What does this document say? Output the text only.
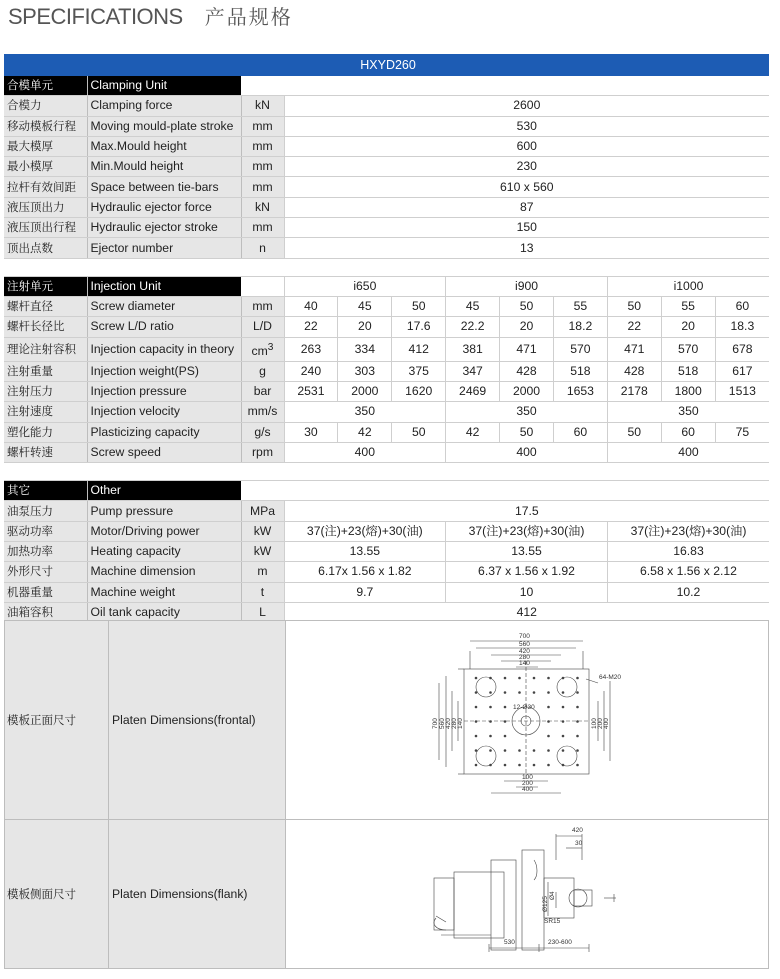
SPECIFICATIONS 产品规格
HXYD260											
合模单元	Clamping Unit										
合模力	Clamping force	kN	2600								
移动模板行程	Moving mould-plate stroke	mm	530								
最大模厚	Max.Mould height	mm	600								
最小模厚	Min.Mould height	mm	230								
拉杆有效间距	Space between tie-bars	mm	610 x 560								
液压顶出力	Hydraulic ejector force	kN	87								
液压顶出行程	Hydraulic ejector stroke	mm	150								
顶出点数	Ejector number	n	13								

注射单元	Injection Unit		i650			i900			i1000		
螺杆直径	Screw diameter	mm	40	45	50	45	50	55	50	55	60
螺杆长径比	Screw L/D ratio	L/D	22	20	17.6	22.2	20	18.2	22	20	18.3
理论注射容积	Injection capacity in theory	$cm^3$	263	334	412	381	471	570	471	570	678
注射重量	Injection weight(PS)	g	240	303	375	347	428	518	428	518	617
注射压力	Injection pressure	bar	2531	2000	1620	2469	2000	1653	2178	1800	1513
注射速度	Injection velocity	mm/s	350			350			350		
塑化能力	Plasticizing capacity	g/s	30	42	50	42	50	60	50	60	75
螺杆转速	Screw speed	rpm	400			400			400		

其它	Other										
油泵压力	Pump pressure	MPa	17.5								
驱动功率	Motor/Driving power	kW	37(注)+23(熔)+30(油)			37(注)+23(熔)+30(油)			37(注)+23(熔)+30(油)		
加热功率	Heating capacity	kW	13.55			13.55			16.83		
外形尺寸	Machine dimension	m	6.17x 1.56 x 1.82			6.37 x 1.56 x 1.92			6.58 x 1.56 x 2.12		
机器重量	Machine weight	t	9.7			10			10.2		
油箱容积	Oil tank capacity	L	412								
模板正面尺寸	Platen Dimensions(frontal)
700
560
420
280
140
64-M20
12-Ø30
100
200
400
700 560 420 280 140	100 200 400
模板侧面尺寸	Platen Dimensions(flank)
420
30
Ø4
Ø125
SR15
530	230-600
